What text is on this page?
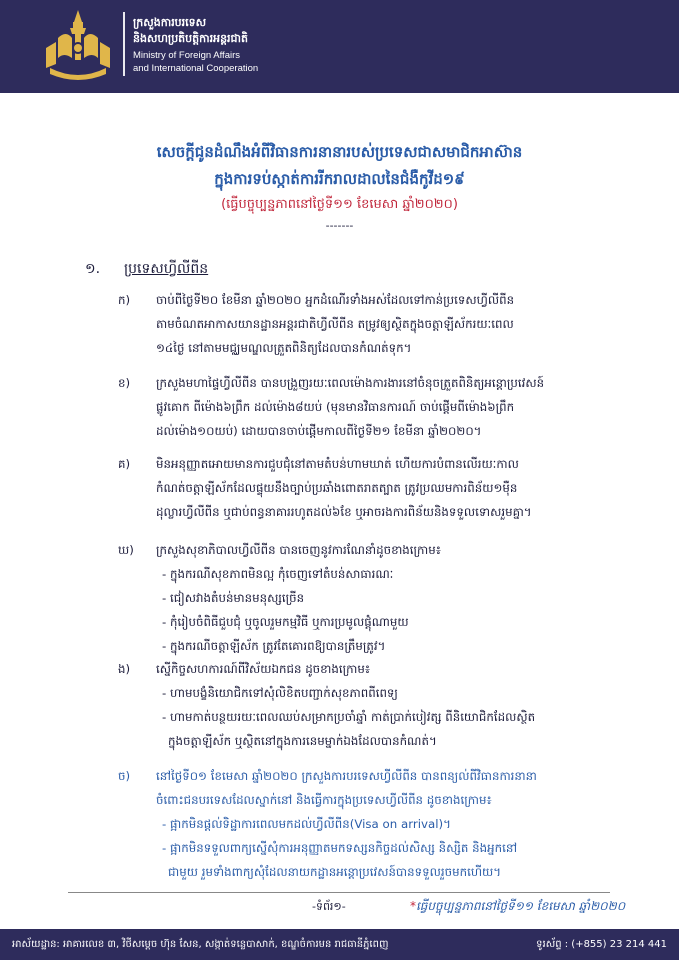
ក្រសួងការបរទេស
និងសហប្រតិបត្តិការអន្តរជាតិ
Ministry of Foreign Affairs
and International Cooperation
សេចក្តីជូនដំណឹងអំពីវិធានការនានារបស់ប្រទេសជាសមាជិកអាស៊ាន
ក្នុងការទប់ស្កាត់ការរីករាលដាលនៃជំងឺកូវីដ១៩
(ធ្វើបច្ចុប្បន្នភាពនៅថ្ងៃទី១១ ខែមេសា ឆ្នាំ២០២០)
-------
១. ប្រទេសហ្វីលីពីន
ក) ចាប់ពីថ្ងៃទី២០ ខែមីនា ឆ្នាំ២០២០ អ្នកដំណើរទាំងអស់ដែលទៅកាន់ប្រទេសហ្វីលីពីន
តាមចំណតអាកាសយានដ្ឋានអន្តរជាតិហ្វីលីពីន តម្រូវឲ្យស្ថិតក្នុងចត្តាឡីស័ករយៈពេល
១៤ថ្ងៃ នៅតាមមជ្ឈមណ្ឌលត្រួតពិនិត្យដែលបានកំណត់ទុក។
ខ) ក្រសួងមហាផ្ទៃហ្វីលីពីន បានបង្រួញរយៈពេលម៉ោងការងារនៅចំនុចត្រួតពិនិត្យអន្តោប្រវេសន៍
ផ្លូវគោក ពីម៉ោង៦ព្រឹក ដល់ម៉ោង៨យប់ (មុនមានវិធានការណ៍ ចាប់ផ្តើមពីម៉ោង៦ព្រឹក
ដល់ម៉ោង១០យប់) ដោយបានចាប់ផ្តើមកាលពីថ្ងៃទី២១ ខែមីនា ឆ្នាំ២០២០។
គ) មិនអនុញ្ញាតអោយមានការជួបជុំនៅតាមតំបន់ហាមឃាត់ ហើយការបំពានលើរយៈកាល
កំណត់ចត្តាឡីស័កដែលផ្ទុយនឹងច្បាប់ប្រឆាំងពោតរាតត្បាត ត្រូវប្រឈមការពិន័យ១ម៉ឺន
ដុល្លារហ្វីលីពីន ឬជាប់ពន្ធនាគាររហូតដល់៦ខែ ឬអាចរងការពិន័យនិងទទួលទោសរួមគ្នា។
ឃ) ក្រសួងសុខាភិបាលហ្វីលីពីន បានចេញនូវការណែនាំដូចខាងក្រោម៖
- ក្នុងករណីសុខភាពមិនល្អ កុំចេញទៅតំបន់សាធារណៈ
- ជៀសវាងតំបន់មានមនុស្សច្រើន
- កុំរៀបចំពិធីជួបជុំ ឬចូលរួមកម្មវិធី ឬការប្រមូលផ្តុំណាមួយ
- ក្នុងករណីចត្តាឡីស័ក ត្រូវតែគោរពឱ្យបានត្រឹមត្រូវ។
ង) ស្នើកិច្ចសហការណ៍ពីវិស័យឯកជន ដូចខាងក្រោម៖
- ហាមបង្ខំនិយោជិកទៅសុំលិខិតបញ្ជាក់សុខភាពពីពេទ្យ
- ហាមកាត់បន្ថយរយៈពេលឈប់សម្រាកប្រចាំឆ្នាំ កាត់ប្រាក់បៀវត្ស ពីនិយោជិកដែលស្ថិត
ក្នុងចត្តាឡីស័ក ឬស្ថិតនៅក្នុងការនេមម្នាក់ឯងដែលបានកំណត់។
ច) នៅថ្ងៃទី០១ ខែមេសា ឆ្នាំ២០២០ ក្រសួងការបរទេសហ្វីលីពីន បានពន្យល់ពីវិធានការនានា
ចំពោះជនបរទេសដែលស្នាក់នៅ និងធ្វើការក្នុងប្រទេសហ្វីលីពីន ដូចខាងក្រោម៖
- ផ្អាកមិនផ្តល់ទិដ្ឋាការពេលមកដល់ហ្វីលីពីន(Visa on arrival)។
- ផ្អាកមិនទទួលពាក្យស្នើសុំការអនុញ្ញាតមកទស្សនកិច្ចដល់សិស្ស និស្សិត និងអ្នកនៅ
ជាមួយ រួមទាំងពាក្យសុំដែលនាយកដ្ឋានអន្តោប្រវេសន៍បានទទួលរួចមកហើយ។
-ទំព័រ១-	*ធ្វើបច្ចុប្បន្នភាពនៅថ្ងៃទី១១ ខែមេសា ឆ្នាំ២០២០
អាស័យដ្ឋាន: អាគារលេខ ៣, វិថីសម្តេច ហ៊ុន សែន, សង្កាត់ទន្លេបាសាក់, ខណ្ឌចំការមន រាជធានីភ្នំពេញ	ទូរស័ព្ទ : (+855) 23 214 441
